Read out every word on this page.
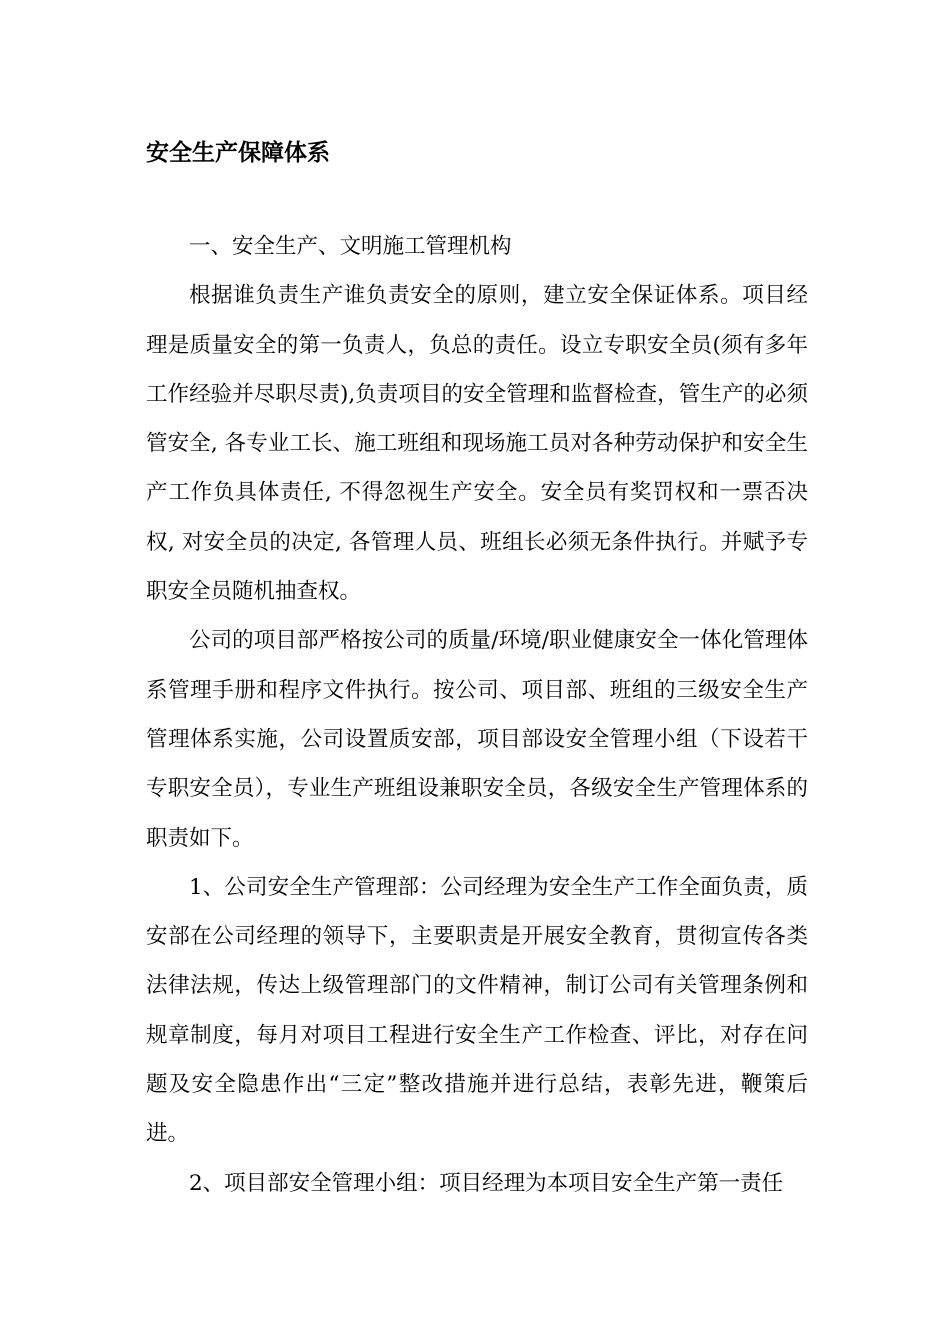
安全生产保障体系

一、安全生产、文明施工管理机构

根据谁负责生产谁负责安全的原则，建立安全保证体系。项目经理是质量安全的第一负责人，负总的责任。设立专职安全员(须有多年工作经验并尽职尽责),负责项目的安全管理和监督检查，管生产的必须管安全, 各专业工长、施工班组和现场施工员对各种劳动保护和安全生产工作负具体责任, 不得忽视生产安全。安全员有奖罚权和一票否决权, 对安全员的决定, 各管理人员、班组长必须无条件执行。并赋予专职安全员随机抽查权。

公司的项目部严格按公司的质量/环境/职业健康安全一体化管理体系管理手册和程序文件执行。按公司、项目部、班组的三级安全生产管理体系实施，公司设置质安部，项目部设安全管理小组（下设若干专职安全员），专业生产班组设兼职安全员，各级安全生产管理体系的职责如下。

1、公司安全生产管理部：公司经理为安全生产工作全面负责，质安部在公司经理的领导下，主要职责是开展安全教育，贯彻宣传各类法律法规，传达上级管理部门的文件精神，制订公司有关管理条例和规章制度，每月对项目工程进行安全生产工作检查、评比，对存在问题及安全隐患作出“三定”整改措施并进行总结，表彰先进，鞭策后进。

2、项目部安全管理小组：项目经理为本项目安全生产第一责任
